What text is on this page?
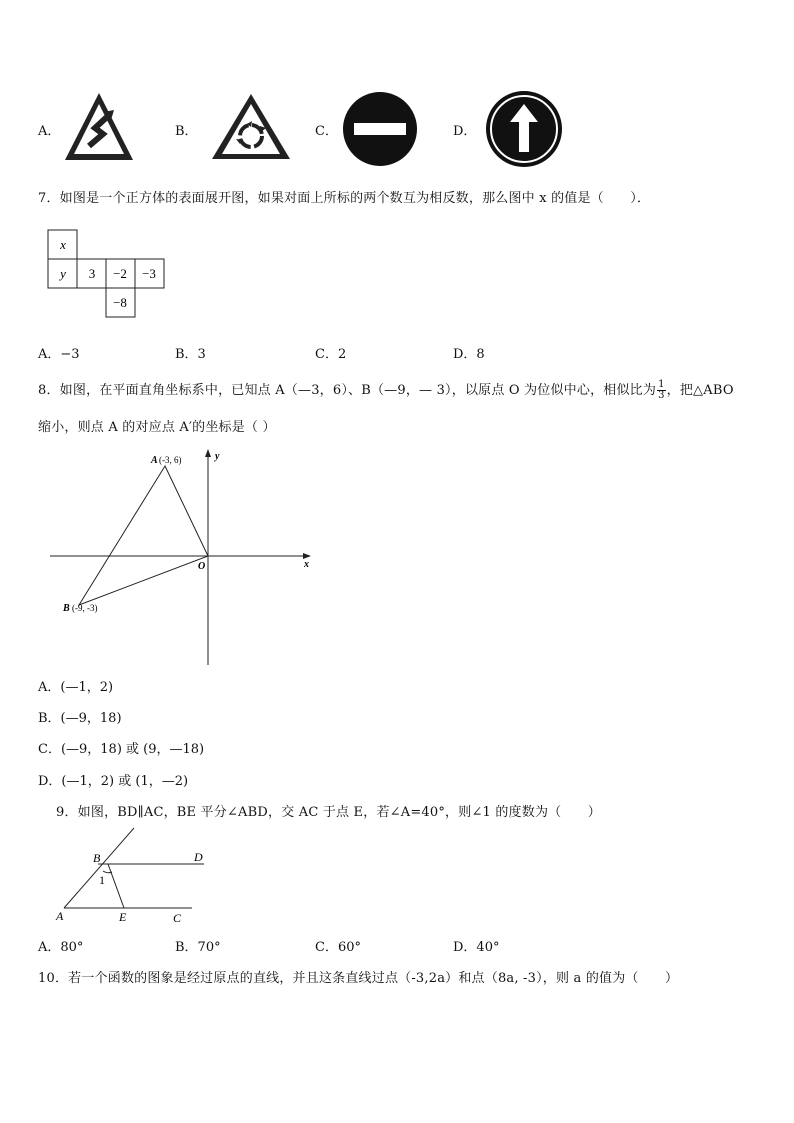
A．	B．	C．	D．
7．如图是一个正方体的表面展开图，如果对面上所标的两个数互为相反数，那么图中 x 的值是（　　）．
x
y 3 −2 −3
−8
A．−3	B．3	C．2	D．8
8．如图，在平面直角坐标系中，已知点 A（—3，6）、B（—9，— 3），以原点 O 为位似中心，相似比为 $\frac{1}{3}$ ，把△ABO
缩小，则点 A 的对应点 A′的坐标是（ ）
y
x
O
A (-3, 6)
B (-9, -3)
A．(—1，2)
B．(—9，18)
C．(—9，18) 或 (9，—18)
D．(—1，2) 或 (1，—2)
9．如图，BD∥AC，BE 平分∠ABD，交 AC 于点 E，若∠A=40°，则∠1 的度数为（　　）
B	D
1
A	E	C
A．80°	B．70°	C．60°	D．40°
10．若一个函数的图象是经过原点的直线，并且这条直线过点（-3,2a）和点（8a, -3），则 a 的值为（　　）
